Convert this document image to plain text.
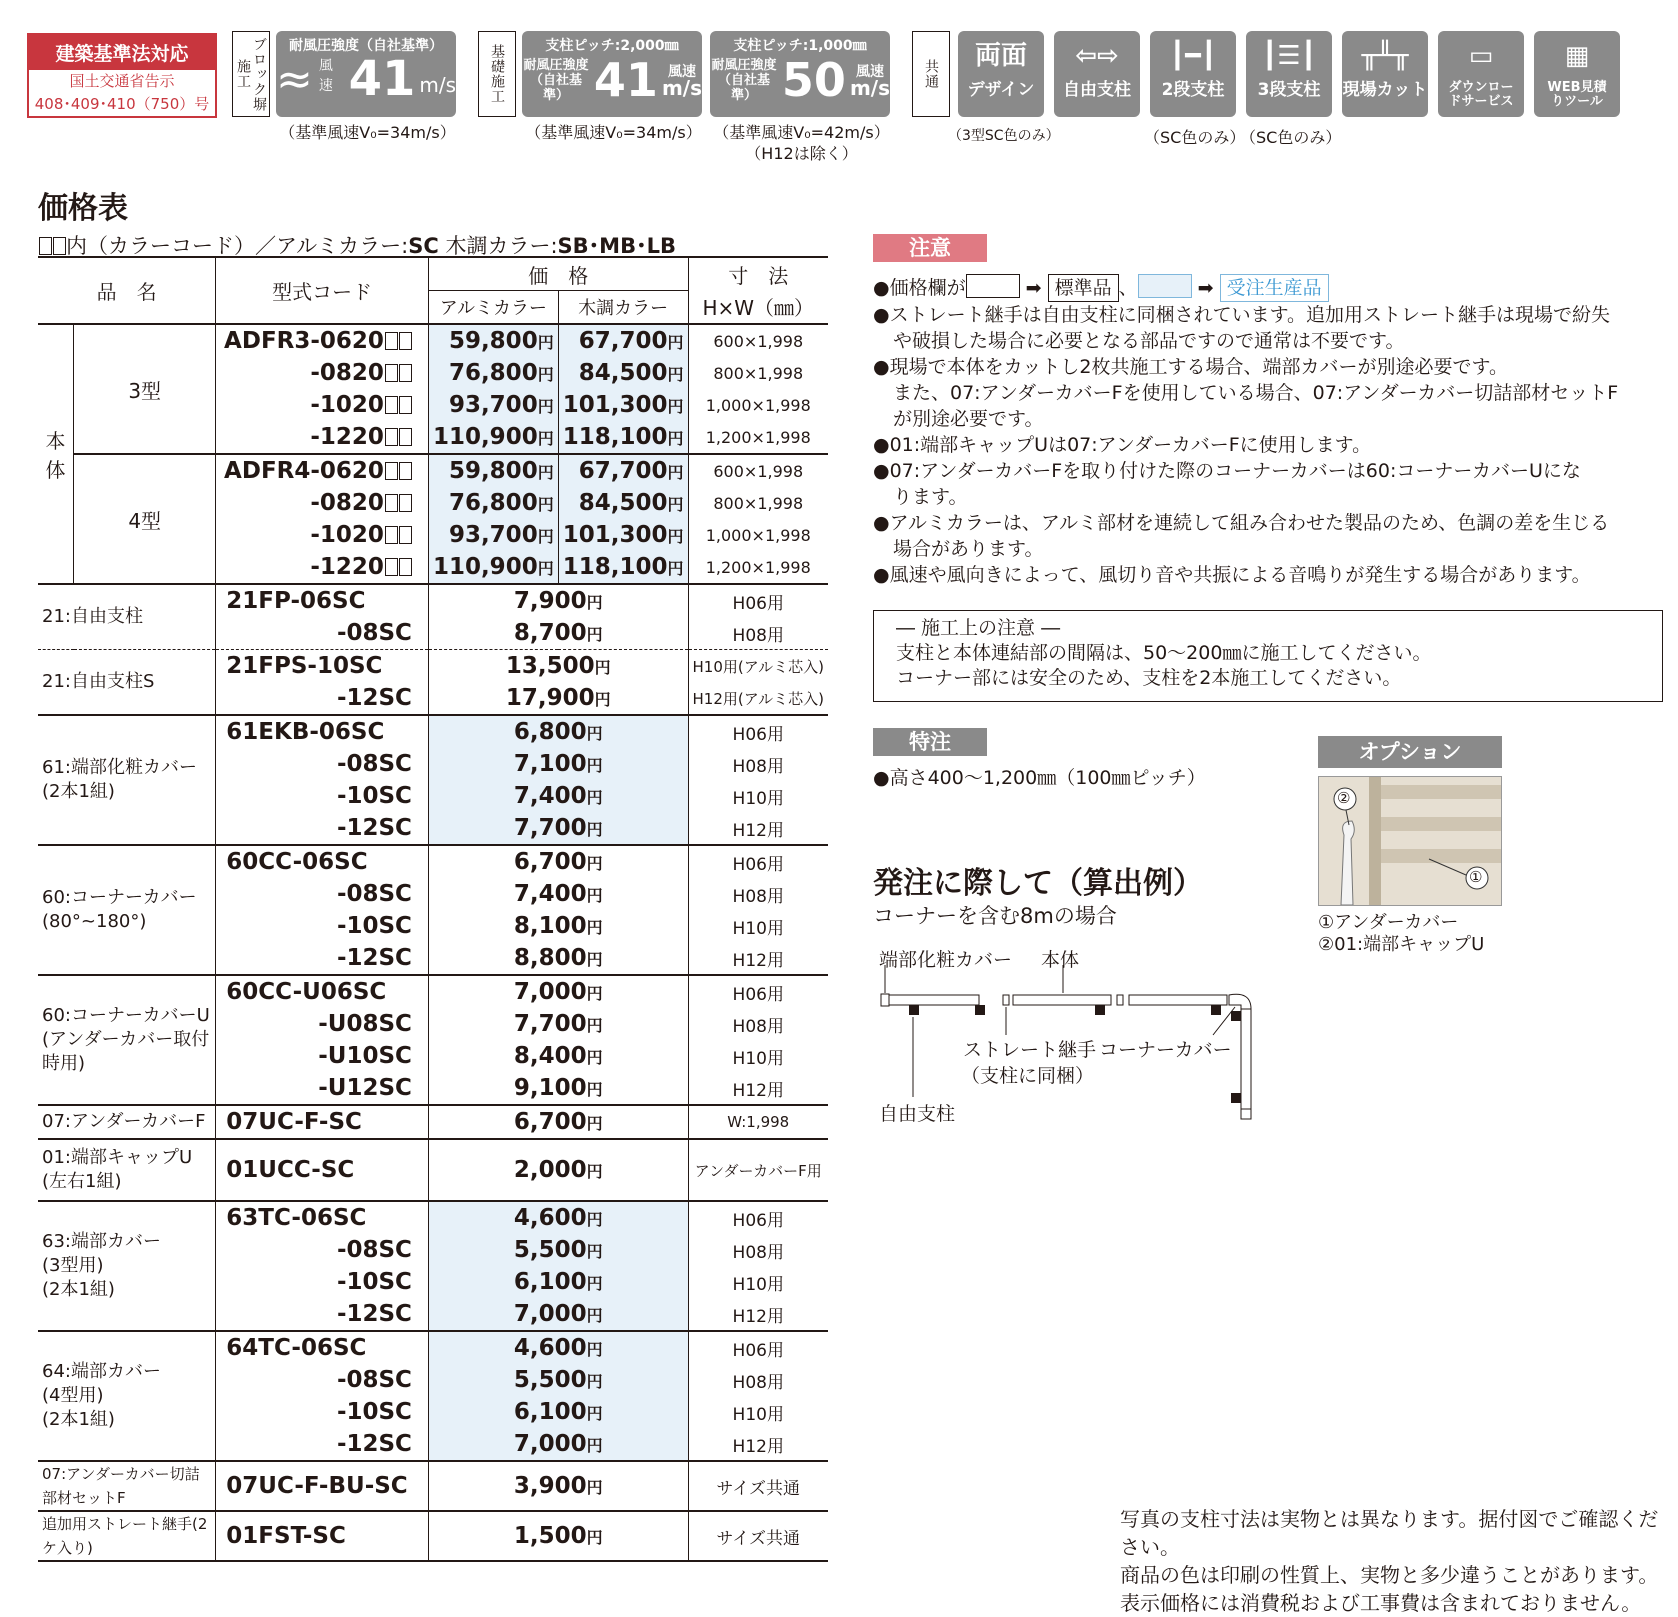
建築基準法対応
国土交通省告示
408･409･410（750）号	ブロック塀施工
耐風圧強度（自社基準）
≈ 風速 41 m/s
（基準風速V₀=34m/s）
基礎施工	支柱ピッチ:2,000㎜
耐風圧強度
（自社基準） 41 風速
m/s
（基準風速V₀=34m/s）
支柱ピッチ:1,000㎜
耐風圧強度
（自社基準） 50 風速
m/s
（基準風速V₀=42m/s）
（H12は除く）
共通
両面
デザイン
（3型SC色のみ）
⇦⇨
自由支柱
┃━┃
2段支柱
（SC色のみ）
┃☰┃
3段支柱
（SC色のみ）
╥╨╥
現場カット
▭
ダウンロードサービス
▦
WEB見積りツール
価格表
内（カラーコード）／アルミカラー:SC 木調カラー:SB･MB･LB
品　名		型式コード	価　格		寸　法
			アルミカラー	木調カラー	H×W（㎜）
本
体	3型	ADFR3-0620	59,800円	67,700円	600×1,998
		-0820	76,800円	84,500円	800×1,998
		-1020	93,700円	101,300円	1,000×1,998
		-1220	110,900円	118,100円	1,200×1,998
	4型	ADFR4-0620	59,800円	67,700円	600×1,998
		-0820	76,800円	84,500円	800×1,998
		-1020	93,700円	101,300円	1,000×1,998
		-1220	110,900円	118,100円	1,200×1,998
21:自由支柱		21FP-06SC	7,900円		H06用
		-08SC	8,700円		H08用
21:自由支柱S		21FPS-10SC	13,500円		H10用(アルミ芯入)
		-12SC	17,900円		H12用(アルミ芯入)
61:端部化粧カバー
(2本1組)		61EKB-06SC	6,800円		H06用
		-08SC	7,100円		H08用
		-10SC	7,400円		H10用
		-12SC	7,700円		H12用
60:コーナーカバー
(80°~180°)		60CC-06SC	6,700円		H06用
		-08SC	7,400円		H08用
		-10SC	8,100円		H10用
		-12SC	8,800円		H12用
60:コーナーカバーU
(アンダーカバー取付時用)		60CC-U06SC	7,000円		H06用
		-U08SC	7,700円		H08用
		-U10SC	8,400円		H10用
		-U12SC	9,100円		H12用
07:アンダーカバーF		07UC-F-SC	6,700円		W:1,998
01:端部キャップU
(左右1組)		01UCC-SC	2,000円		アンダーカバーF用
63:端部カバー
(3型用)
(2本1組)		63TC-06SC	4,600円		H06用
		-08SC	5,500円		H08用
		-10SC	6,100円		H10用
		-12SC	7,000円		H12用
64:端部カバー
(4型用)
(2本1組)		64TC-06SC	4,600円		H06用
		-08SC	5,500円		H08用
		-10SC	6,100円		H10用
		-12SC	7,000円		H12用
07:アンダーカバー切詰部材セットF		07UC-F-BU-SC	3,900円		サイズ共通
追加用ストレート継手(2ケ入り)		01FST-SC	1,500円		サイズ共通
注意

●価格欄が	➡ 標準品 、	➡ 受注生産品

●ストレート継手は自由支柱に同梱されています。追加用ストレート継手は現場で紛失

や破損した場合に必要となる部品ですので通常は不要です。

●現場で本体をカットし2枚共施工する場合、端部カバーが別途必要です。

また、07:アンダーカバーFを使用している場合、07:アンダーカバー切詰部材セットF

が別途必要です。

●01:端部キャップUは07:アンダーカバーFに使用します。

●07:アンダーカバーFを取り付けた際のコーナーカバーは60:コーナーカバーUにな

ります。

●アルミカラーは、アルミ部材を連続して組み合わせた製品のため、色調の差を生じる

場合があります。

●風速や風向きによって、風切り音や共振による音鳴りが発生する場合があります。

― 施工上の注意 ―
支柱と本体連結部の間隔は、50～200㎜に施工してください。
コーナー部には安全のため、支柱を2本施工してください。
特注
●高さ400～1,200㎜（100㎜ピッチ）
オプション
②
①
①アンダーカバー
②01:端部キャップU
発注に際して（算出例）
コーナーを含む8mの場合
端部化粧カバー 本体
ストレート継手
（支柱に同梱）
コーナーカバー
自由支柱
写真の支柱寸法は実物とは異なります。据付図でご確認ください。
商品の色は印刷の性質上、実物と多少違うことがあります。
表示価格には消費税および工事費は含まれておりません。
